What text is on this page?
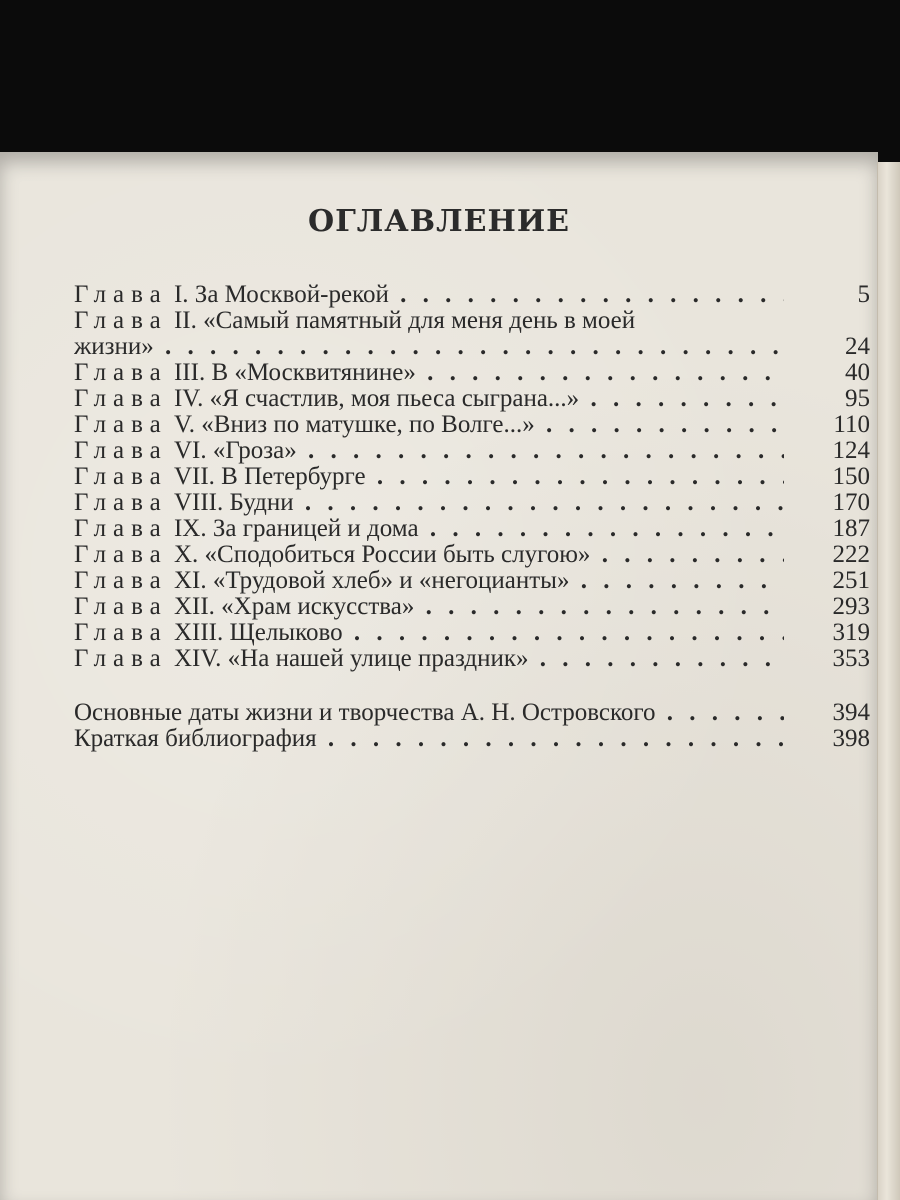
ОГЛАВЛЕНИЕ
Глава I. За Москвой-рекой . . .	5
Глава II. «Самый памятный для меня день в моей
жизни» . . .	24
Глава III. В «Москвитянине» . . .	40
Глава IV. «Я счастлив, моя пьеса сыграна...» . . .	95
Глава V. «Вниз по матушке, по Волге...» . . .	110
Глава VI. «Гроза» . . .	124
Глава VII. В Петербурге . . .	150
Глава VIII. Будни . . .	170
Глава IX. За границей и дома . . .	187
Глава X. «Сподобиться России быть слугою» . . .	222
Глава XI. «Трудовой хлеб» и «негоцианты» . . .	251
Глава XII. «Храм искусства» . . .	293
Глава XIII. Щелыково . . .	319
Глава XIV. «На нашей улице праздник» . . .	353
Основные даты жизни и творчества А. Н. Островского . . .	394
Краткая библиография . . .	398
